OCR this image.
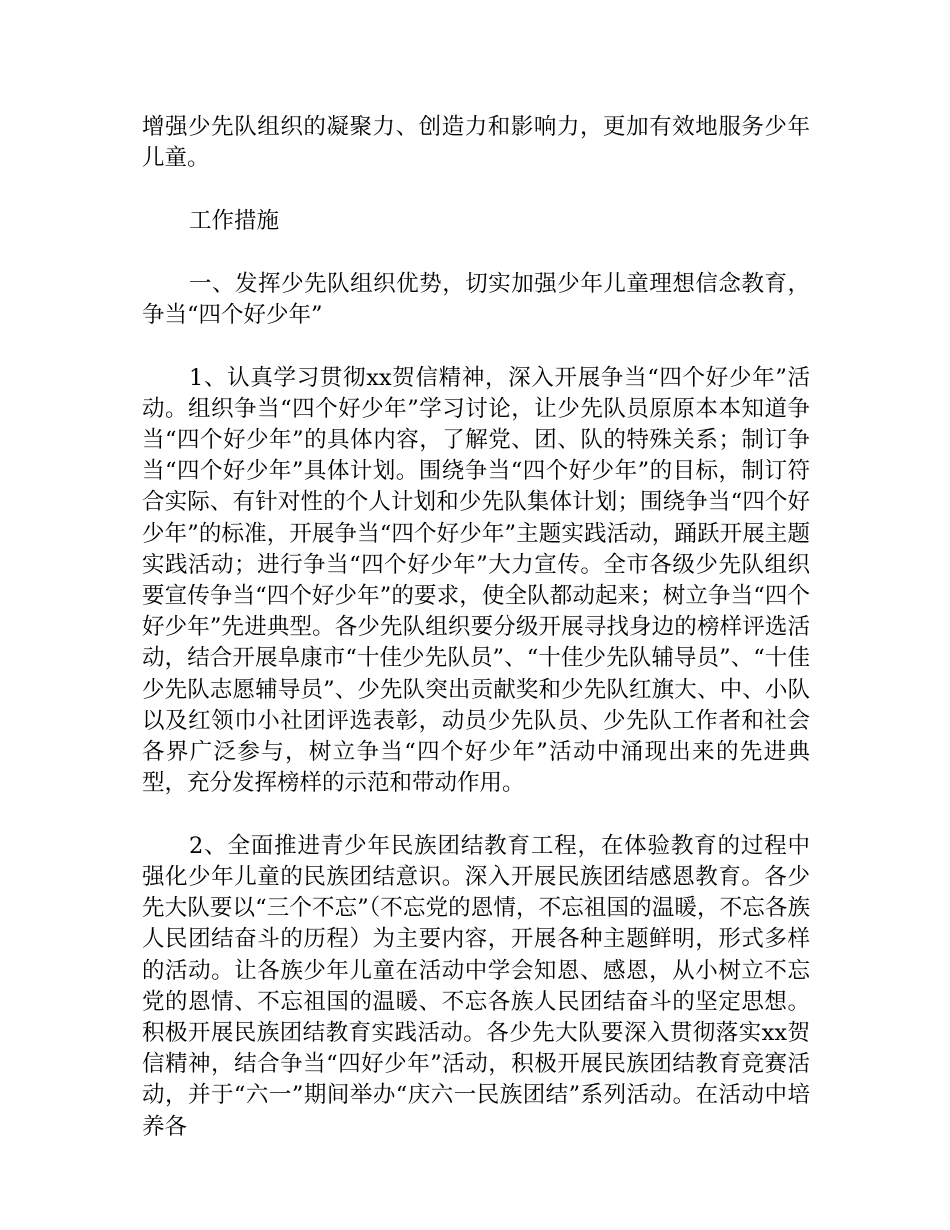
增强少先队组织的凝聚力、创造力和影响力，更加有效地服务少年儿童。

工作措施

一、发挥少先队组织优势，切实加强少年儿童理想信念教育，争当“四个好少年”

1、认真学习贯彻xx贺信精神，深入开展争当“四个好少年”活动。组织争当“四个好少年”学习讨论，让少先队员原原本本知道争当“四个好少年”的具体内容，了解党、团、队的特殊关系；制订争当“四个好少年”具体计划。围绕争当“四个好少年”的目标，制订符合实际、有针对性的个人计划和少先队集体计划；围绕争当“四个好少年”的标准，开展争当“四个好少年”主题实践活动，踊跃开展主题实践活动；进行争当“四个好少年”大力宣传。全市各级少先队组织要宣传争当“四个好少年”的要求，使全队都动起来；树立争当“四个好少年”先进典型。各少先队组织要分级开展寻找身边的榜样评选活动，结合开展阜康市“十佳少先队员”、“十佳少先队辅导员”、“十佳少先队志愿辅导员”、少先队突出贡献奖和少先队红旗大、中、小队以及红领巾小社团评选表彰，动员少先队员、少先队工作者和社会各界广泛参与，树立争当“四个好少年”活动中涌现出来的先进典型，充分发挥榜样的示范和带动作用。

2、全面推进青少年民族团结教育工程，在体验教育的过程中强化少年儿童的民族团结意识。深入开展民族团结感恩教育。各少先大队要以“三个不忘”（不忘党的恩情，不忘祖国的温暖，不忘各族人民团结奋斗的历程）为主要内容，开展各种主题鲜明，形式多样的活动。让各族少年儿童在活动中学会知恩、感恩，从小树立不忘党的恩情、不忘祖国的温暖、不忘各族人民团结奋斗的坚定思想。积极开展民族团结教育实践活动。各少先大队要深入贯彻落实xx贺信精神，结合争当“四好少年”活动，积极开展民族团结教育竞赛活动，并于“六一”期间举办“庆六一民族团结”系列活动。在活动中培养各
